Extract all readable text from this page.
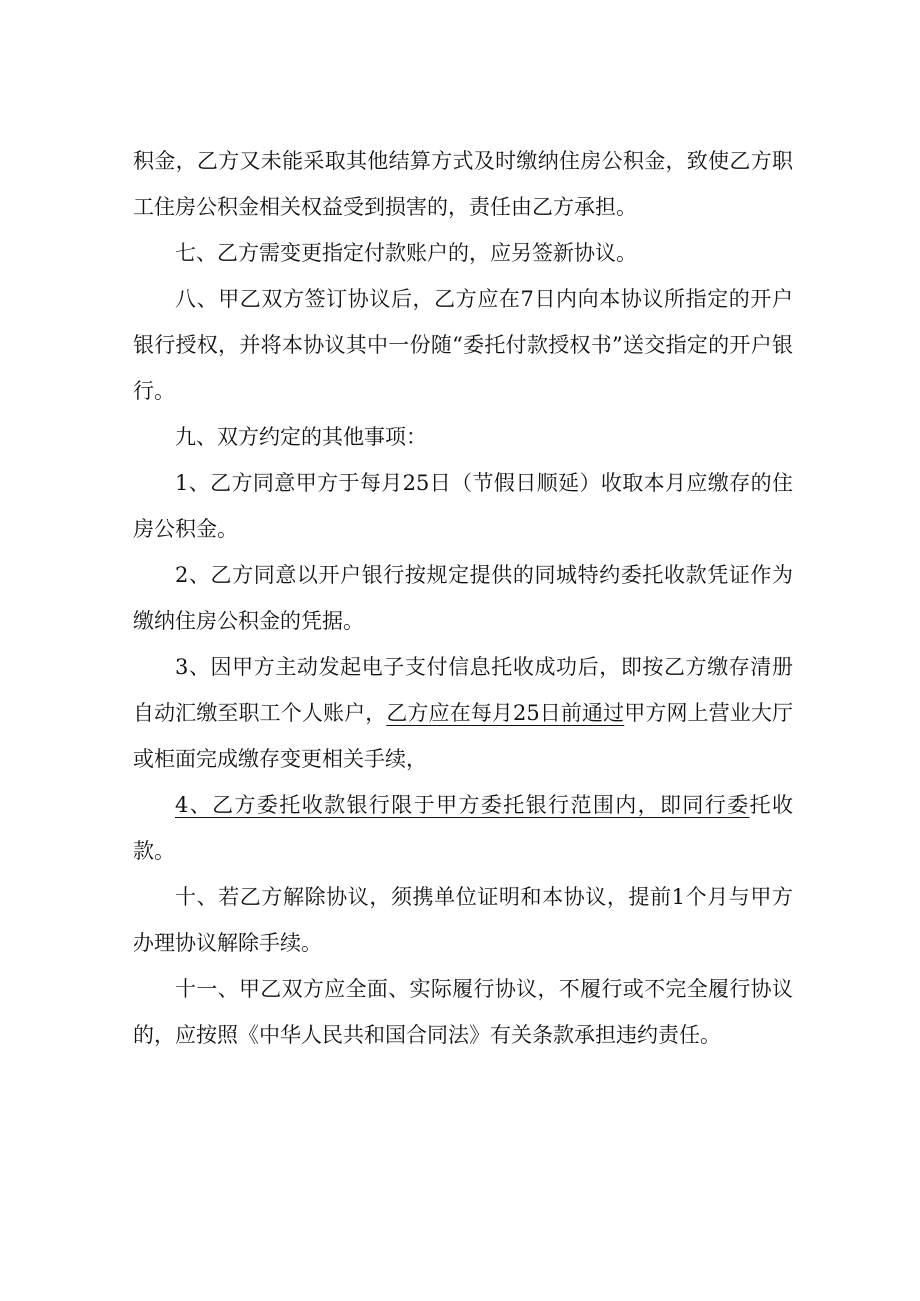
积金，乙方又未能采取其他结算方式及时缴纳住房公积金，致使乙方职工住房公积金相关权益受到损害的，责任由乙方承担。

七、乙方需变更指定付款账户的，应另签新协议。

八、甲乙双方签订协议后，乙方应在7日内向本协议所指定的开户银行授权，并将本协议其中一份随“委托付款授权书”送交指定的开户银行。

九、双方约定的其他事项：

1、乙方同意甲方于每月25日（节假日顺延）收取本月应缴存的住房公积金。

2、乙方同意以开户银行按规定提供的同城特约委托收款凭证作为缴纳住房公积金的凭据。

3、因甲方主动发起电子支付信息托收成功后，即按乙方缴存清册自动汇缴至职工个人账户，乙方应在每月25日前通过甲方网上营业大厅或柜面完成缴存变更相关手续，

4、乙方委托收款银行限于甲方委托银行范围内，即同行委托收款。

十、若乙方解除协议，须携单位证明和本协议，提前1个月与甲方办理协议解除手续。

十一、甲乙双方应全面、实际履行协议，不履行或不完全履行协议的，应按照《中华人民共和国合同法》有关条款承担违约责任。
